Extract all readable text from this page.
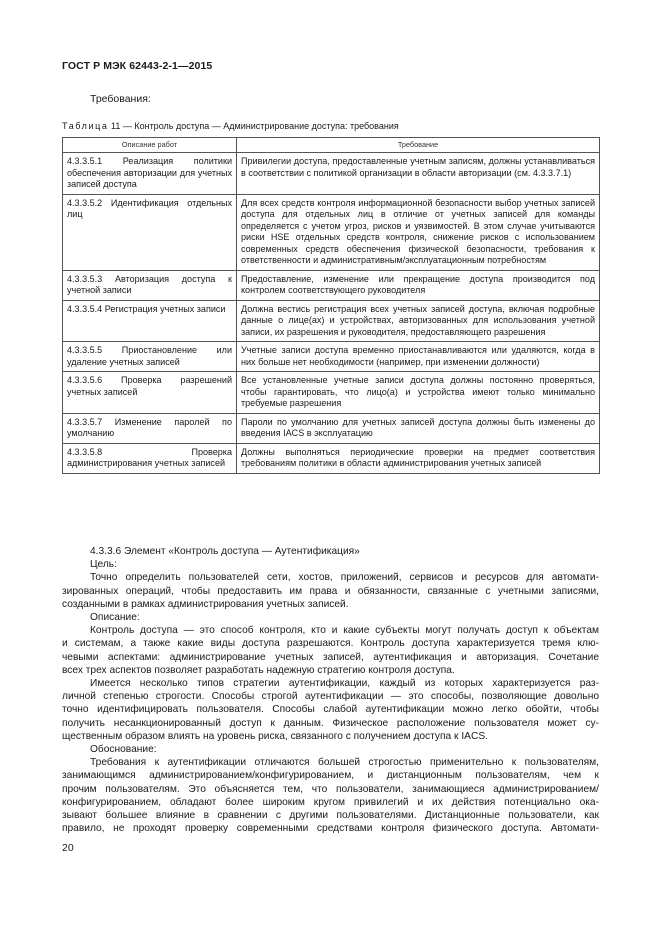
ГОСТ Р МЭК 62443-2-1—2015
Требования:
Таблица 11 — Контроль доступа — Администрирование доступа: требования
Описание работ	Требование
4.3.3.5.1 Реализация политики обеспечения авторизации для учетных записей доступа	Привилегии доступа, предоставленные учетным записям, должны устанавливаться в соответствии с политикой организации в области авторизации (см. 4.3.3.7.1)
4.3.3.5.2 Идентификация отдельных лиц	Для всех средств контроля информационной безопасности выбор учетных записей доступа для отдельных лиц в отличие от учетных записей для команды определяется с учетом угроз, рисков и уязвимостей. В этом случае учитываются риски HSE отдельных средств контроля, снижение рисков с использованием современных средств обеспечения физической безопасности, требования к ответственности и административным/эксплуатационным потребностям
4.3.3.5.3 Авторизация доступа к учетной записи	Предоставление, изменение или прекращение доступа производится под контролем соответствующего руководителя
4.3.3.5.4 Регистрация учетных записи	Должна вестись регистрация всех учетных записей доступа, включая подробные данные о лице(ах) и устройствах, авторизованных для использования учетной записи, их разрешения и руководителя, предоставляющего разрешения
4.3.3.5.5 Приостановление или удаление учетных записей	Учетные записи доступа временно приостанавливаются или удаляются, когда в них больше нет необходимости (например, при изменении должности)
4.3.3.5.6 Проверка разрешений учетных записей	Все установленные учетные записи доступа должны постоянно проверяться, чтобы гарантировать, что лицо(а) и устройства имеют только минимально требуемые разрешения
4.3.3.5.7 Изменение паролей по умолчанию	Пароли по умолчанию для учетных записей доступа должны быть изменены до введения IACS в эксплуатацию
4.3.3.5.8 Проверка администрирования учетных записей	Должны выполняться периодические проверки на предмет соответствия требованиям политики в области администрирования учетных записей

4.3.3.6 Элемент «Контроль доступа — Аутентификация»

Цель:

Точно определить пользователей сети, хостов, приложений, сервисов и ресурсов для автомати-
зированных операций, чтобы предоставить им права и обязанности, связанные с учетными записями,
созданными в рамках администрирования учетных записей.

Описание:

Контроль доступа — это способ контроля, кто и какие субъекты могут получать доступ к объектам
и системам, а также какие виды доступа разрешаются. Контроль доступа характеризуется тремя клю-
чевыми аспектами: администрирование учетных записей, аутентификация и авторизация. Сочетание
всех трех аспектов позволяет разработать надежную стратегию контроля доступа.

Имеется несколько типов стратегии аутентификации, каждый из которых характеризуется раз-
личной степенью строгости. Способы строгой аутентификации — это способы, позволяющие довольно
точно идентифицировать пользователя. Способы слабой аутентификации можно легко обойти, чтобы
получить несанкционированный доступ к данным. Физическое расположение пользователя может су-
щественным образом влиять на уровень риска, связанного с получением доступа к IACS.

Обоснование:

Требования к аутентификации отличаются большей строгостью применительно к пользователям,
занимающимся администрированием/конфигурированием, и дистанционным пользователям, чем к
прочим пользователям. Это объясняется тем, что пользователи, занимающиеся администрированием/
конфигурированием, обладают более широким кругом привилегий и их действия потенциально ока-
зывают большее влияние в сравнении с другими пользователями. Дистанционные пользователи, как
правило, не проходят проверку современными средствами контроля физического доступа. Автомати-

20
